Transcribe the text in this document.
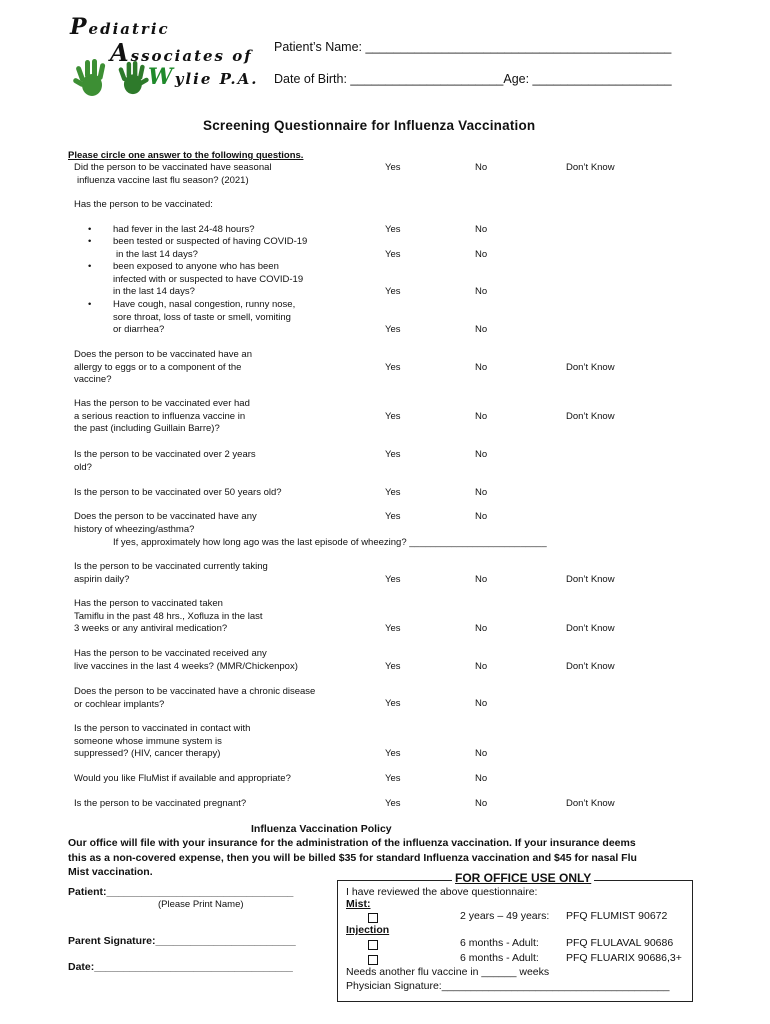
Pediatric
Associates of
Wylie P.A.
Patient’s Name: ____________________________________________
Date of Birth: ______________________Age: ____________________
Screening Questionnaire for Influenza Vaccination
Please circle one answer to the following questions.
Did the person to be vaccinated have seasonal
influenza vaccine last flu season? (2021)
Yes	No	Don’t Know
Has the person to be vaccinated:
• had fever in the last 24-48 hours?	Yes	No
• been tested or suspected of having COVID-19
in the last 14 days?	Yes	No
• been exposed to anyone who has been
infected with or suspected to have COVID-19
in the last 14 days?	Yes	No
• Have cough, nasal congestion, runny nose,
sore throat, loss of taste or smell, vomiting
or diarrhea?	Yes	No
Does the person to be vaccinated have an
allergy to eggs or to a component of the
vaccine?
Yes	No	Don’t Know
Has the person to be vaccinated ever had
a serious reaction to influenza vaccine in
the past (including Guillain Barre)?
Yes	No	Don’t Know
Is the person to be vaccinated over 2 years
old?
Yes	No
Is the person to be vaccinated over 50 years old?	Yes	No
Does the person to be vaccinated have any
history of wheezing/asthma?
Yes	No
If yes, approximately how long ago was the last episode of wheezing? __________________________
Is the person to be vaccinated currently taking
aspirin daily?	Yes	No	Don’t Know
Has the person to vaccinated taken
Tamiflu in the past 48 hrs., Xofluza in the last
3 weeks or any antiviral medication?	Yes	No	Don’t Know
Has the person to be vaccinated received any
live vaccines in the last 4 weeks? (MMR/Chickenpox)	Yes	No	Don’t Know
Does the person to be vaccinated have a chronic disease
or cochlear implants?	Yes	No
Is the person to vaccinated in contact with
someone whose immune system is
suppressed? (HIV, cancer therapy)	Yes	No
Would you like FluMist if available and appropriate?	Yes	No
Is the person to be vaccinated pregnant?	Yes	No	Don’t Know
Influenza Vaccination Policy
Our office will file with your insurance for the administration of the influenza vaccination. If your insurance deems
this as a non-covered expense, then you will be billed $35 for standard Influenza vaccination and $45 for nasal Flu
Mist vaccination.
Patient:________________________________
(Please Print Name)
Parent Signature:________________________
Date:__________________________________
FOR OFFICE USE ONLY
I have reviewed the above questionnaire:
Mist:
2 years – 49 years: PFQ FLUMIST 90672
Injection
6 months - Adult:	PFQ FLULAVAL 90686
6 months - Adult:	PFQ FLUARIX 90686,3+
Needs another flu vaccine in ______ weeks
Physician Signature:_______________________________________
